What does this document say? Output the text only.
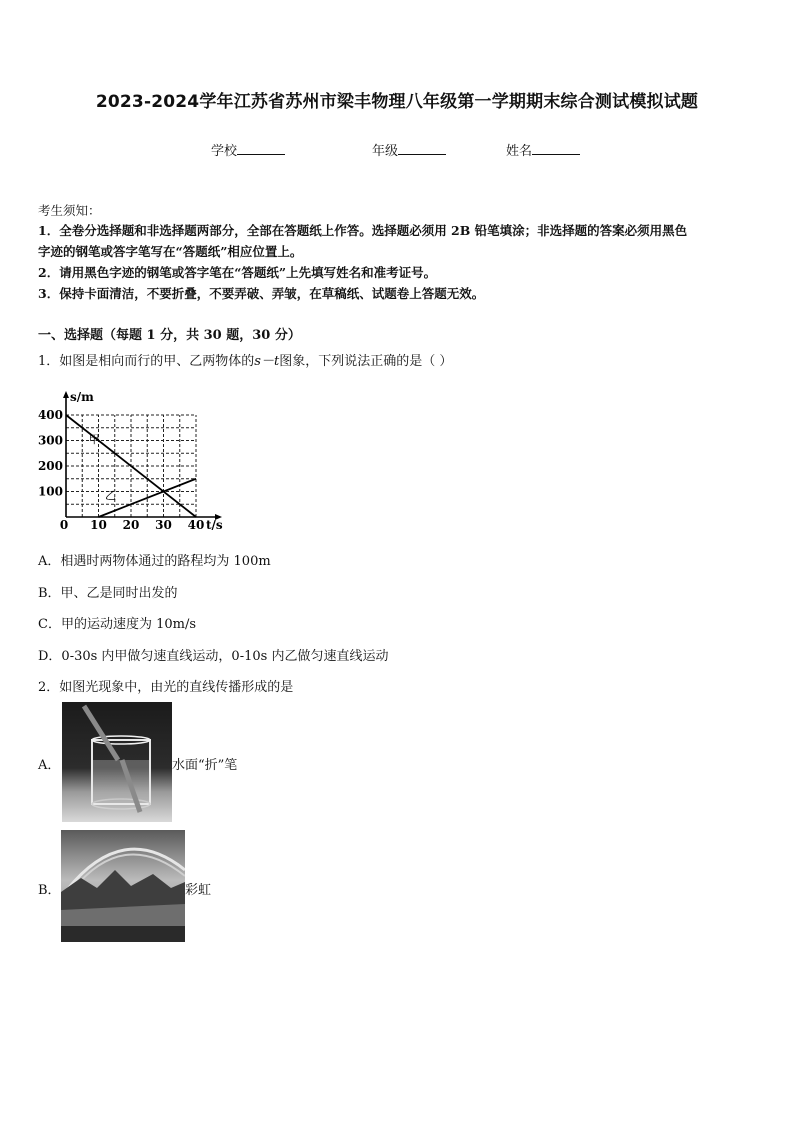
2023-2024学年江苏省苏州市梁丰物理八年级第一学期期末综合测试模拟试题
学校	年级	姓名
考生须知：
1．全卷分选择题和非选择题两部分，全部在答题纸上作答。选择题必须用 2B 铅笔填涂；非选择题的答案必须用黑色
字迹的钢笔或答字笔写在“答题纸”相应位置上。
2．请用黑色字迹的钢笔或答字笔在“答题纸”上先填写姓名和准考证号。
3．保持卡面清洁，不要折叠，不要弄破、弄皱，在草稿纸、试题卷上答题无效。
一、选择题（每题 1 分，共 30 题，30 分）
1．如图是相向而行的甲、乙两物体的s－t图象，下列说法正确的是（ ）
0 10 20 30 40
100
200
300
400
s/m
t/s
甲
乙
A．相遇时两物体通过的路程均为 100m
B．甲、乙是同时出发的
C．甲的运动速度为 10m/s
D．0-30s 内甲做匀速直线运动，0-10s 内乙做匀速直线运动
2．如图光现象中，由光的直线传播形成的是
A．	水面“折”笔
B．	彩虹
